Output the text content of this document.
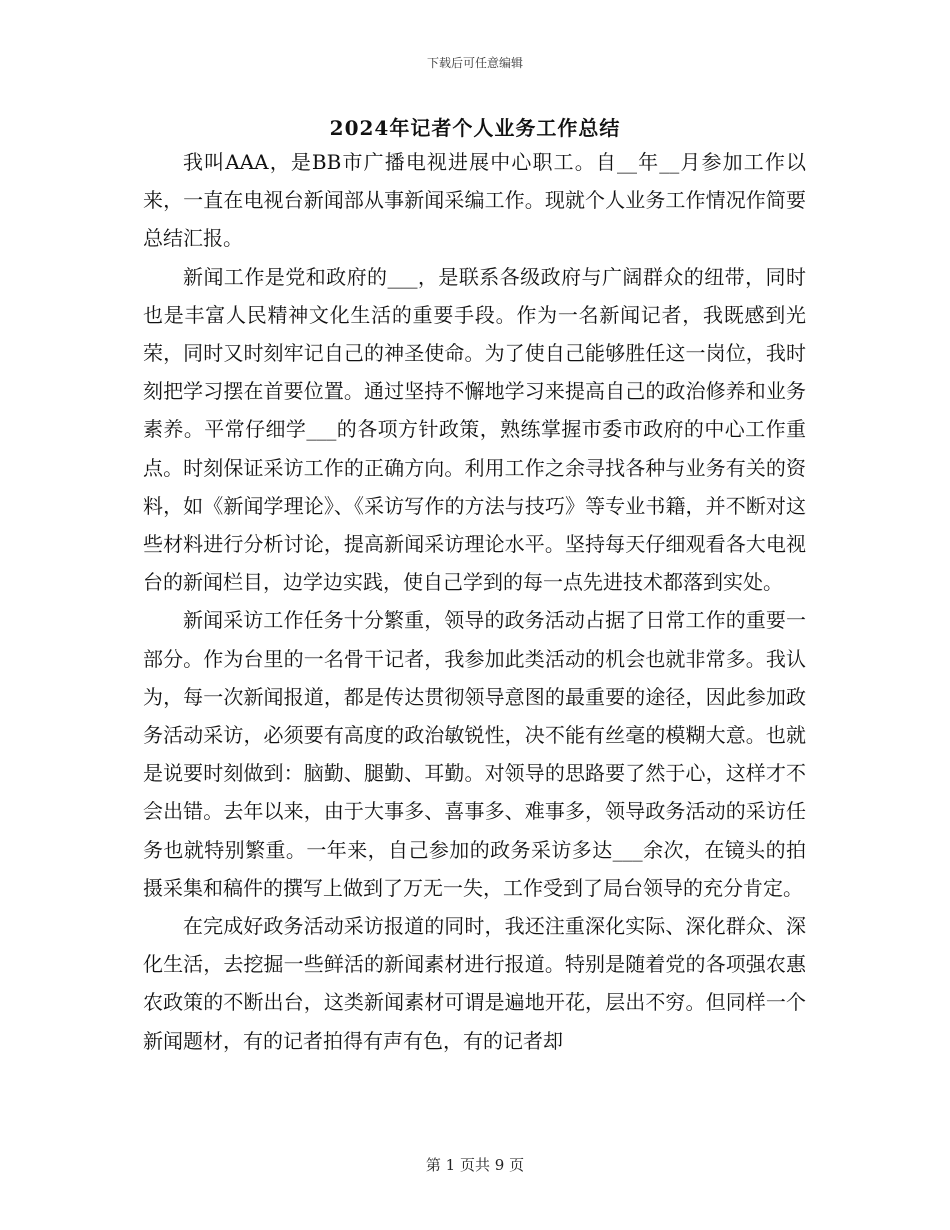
下载后可任意编辑
2024年记者个人业务工作总结

我叫AAA，是BB市广播电视进展中心职工。自__年__月参加工作以来，一直在电视台新闻部从事新闻采编工作。现就个人业务工作情况作简要总结汇报。

新闻工作是党和政府的___，是联系各级政府与广阔群众的纽带，同时也是丰富人民精神文化生活的重要手段。作为一名新闻记者，我既感到光荣，同时又时刻牢记自己的神圣使命。为了使自己能够胜任这一岗位，我时刻把学习摆在首要位置。通过坚持不懈地学习来提高自己的政治修养和业务素养。平常仔细学___的各项方针政策，熟练掌握市委市政府的中心工作重点。时刻保证采访工作的正确方向。利用工作之余寻找各种与业务有关的资料，如《新闻学理论》、《采访写作的方法与技巧》等专业书籍，并不断对这些材料进行分析讨论，提高新闻采访理论水平。坚持每天仔细观看各大电视台的新闻栏目，边学边实践，使自己学到的每一点先进技术都落到实处。

新闻采访工作任务十分繁重，领导的政务活动占据了日常工作的重要一部分。作为台里的一名骨干记者，我参加此类活动的机会也就非常多。我认为，每一次新闻报道，都是传达贯彻领导意图的最重要的途径，因此参加政务活动采访，必须要有高度的政治敏锐性，决不能有丝毫的模糊大意。也就是说要时刻做到：脑勤、腿勤、耳勤。对领导的思路要了然于心，这样才不会出错。去年以来，由于大事多、喜事多、难事多，领导政务活动的采访任务也就特别繁重。一年来，自己参加的政务采访多达___余次，在镜头的拍摄采集和稿件的撰写上做到了万无一失，工作受到了局台领导的充分肯定。

在完成好政务活动采访报道的同时，我还注重深化实际、深化群众、深化生活，去挖掘一些鲜活的新闻素材进行报道。特别是随着党的各项强农惠农政策的不断出台，这类新闻素材可谓是遍地开花，层出不穷。但同样一个新闻题材，有的记者拍得有声有色，有的记者却

第 1 页共 9 页
